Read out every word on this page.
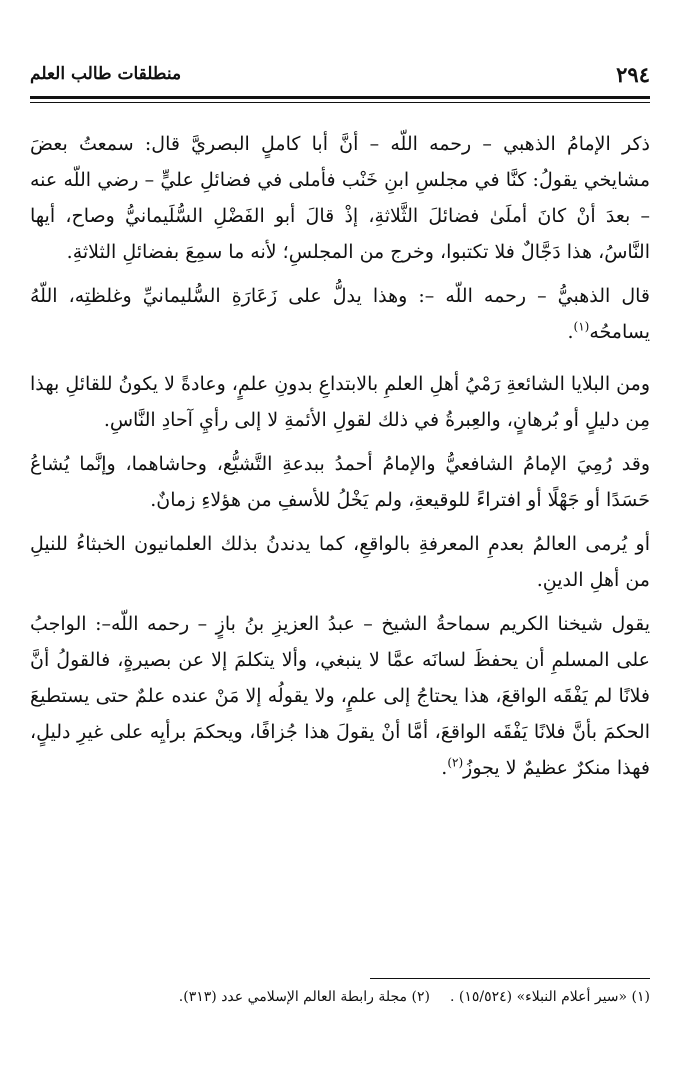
منطلقات طالب العلم	٢٩٤

ذكر الإمامُ الذهبي – رحمه اللّه – أنَّ أبا كاملٍ البصريَّ قال: سمعتُ بعضَ مشايخي يقولُ: كنَّا في مجلسِ ابنِ خَنْب فأملى في فضائلِ عليٍّ – رضي اللّه عنه – بعدَ أنْ كانَ أملَىٰ فضائلَ الثَّلاثةِ، إذْ قالَ أبو الفَضْلِ السُّلَيمانيُّ وصاح، أيها النَّاسُ، هذا دَجَّالٌ فلا تكتبوا، وخرج من المجلسِ؛ لأنه ما سمِعَ بفضائلِ الثلاثةِ.

قال الذهبيُّ – رحمه اللّه –: وهذا يدلُّ على زَعَارَةِ السُّليمانيِّ وغلظتِه، اللّهُ يسامحُه$^{(١)}$.

ومن البلايا الشائعةِ رَمْيُ أهلِ العلمِ بالابتداعِ بدونِ علمٍ، وعادةً لا يكونُ للقائلِ بهذا مِن دليلٍ أو بُرهانٍ، والعِبرةُ في ذلك لقولِ الأئمةِ لا إلى رأيِ آحادِ النَّاسِ.

وقد رُمِيَ الإمامُ الشافعيُّ والإمامُ أحمدُ ببدعةِ التَّشيُّع، وحاشاهما، وإنَّما يُشاعُ حَسَدًا أو جَهْلًا أو افتراءً للوقيعةِ، ولم يَخْلُ للأسفِ من هؤلاءِ زمانٌ.

أو يُرمى العالمُ بعدمِ المعرفةِ بالواقعِ، كما يدندنُ بذلك العلمانيون الخبثاءُ للنيلِ من أهلِ الدينِ.

يقول شيخنا الكريم سماحةُ الشيخ – عبدُ العزيزِ بنُ بازٍ – رحمه اللّه–: الواجبُ على المسلمِ أن يحفظَ لسانَه عمَّا لا ينبغي، وألا يتكلمَ إلا عن بصيرةٍ، فالقولُ أنَّ فلانًا لم يَفْقَه الواقعَ، هذا يحتاجُ إلى علمٍ، ولا يقولُه إلا مَنْ عنده علمٌ حتى يستطيعَ الحكمَ بأنَّ فلانًا يَفْقَه الواقعَ، أمَّا أنْ يقولَ هذا جُزافًا، ويحكمَ برأيِه على غيرِ دليلٍ، فهذا منكرٌ عظيمٌ لا يجوزُ$^{(٢)}$.

(١) «سير أعلام النبلاء» (١٥/٥٢٤) .
(٢) مجلة رابطة العالم الإسلامي عدد (٣١٣).
